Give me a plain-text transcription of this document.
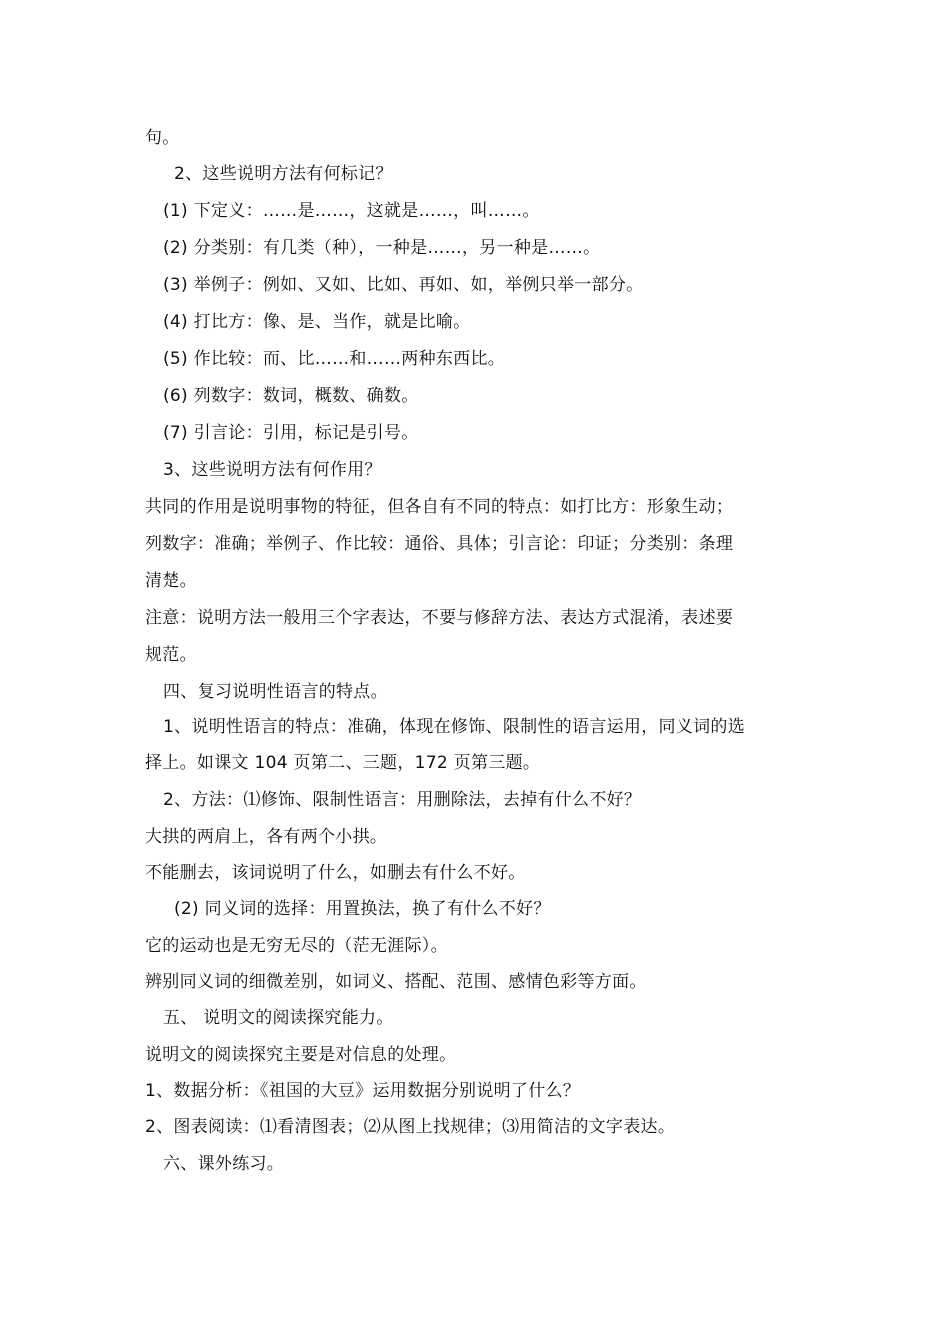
句。
2、这些说明方法有何标记？
(1) 下定义：……是……，这就是……，叫……。
(2) 分类别：有几类（种），一种是……，另一种是……。
(3) 举例子：例如、又如、比如、再如、如，举例只举一部分。
(4) 打比方：像、是、当作，就是比喻。
(5) 作比较：而、比……和……两种东西比。
(6) 列数字：数词，概数、确数。
(7) 引言论：引用，标记是引号。
3、这些说明方法有何作用？
共同的作用是说明事物的特征，但各自有不同的特点：如打比方：形象生动；
列数字：准确；举例子、作比较：通俗、具体；引言论：印证；分类别：条理
清楚。
注意：说明方法一般用三个字表达，不要与修辞方法、表达方式混淆，表述要
规范。
四、复习说明性语言的特点。
1、说明性语言的特点：准确，体现在修饰、限制性的语言运用，同义词的选
择上。如课文 104 页第二、三题，172 页第三题。
2、方法：⑴修饰、限制性语言：用删除法，去掉有什么不好？
大拱的两肩上，各有两个小拱。
不能删去，该词说明了什么，如删去有什么不好。
(2) 同义词的选择：用置换法，换了有什么不好？
它的运动也是无穷无尽的（茫无涯际）。
辨别同义词的细微差别，如词义、搭配、范围、感情色彩等方面。
五、 说明文的阅读探究能力。
说明文的阅读探究主要是对信息的处理。
1、数据分析：《祖国的大豆》运用数据分别说明了什么？
2、图表阅读：⑴看清图表；⑵从图上找规律；⑶用简洁的文字表达。
六、课外练习。
